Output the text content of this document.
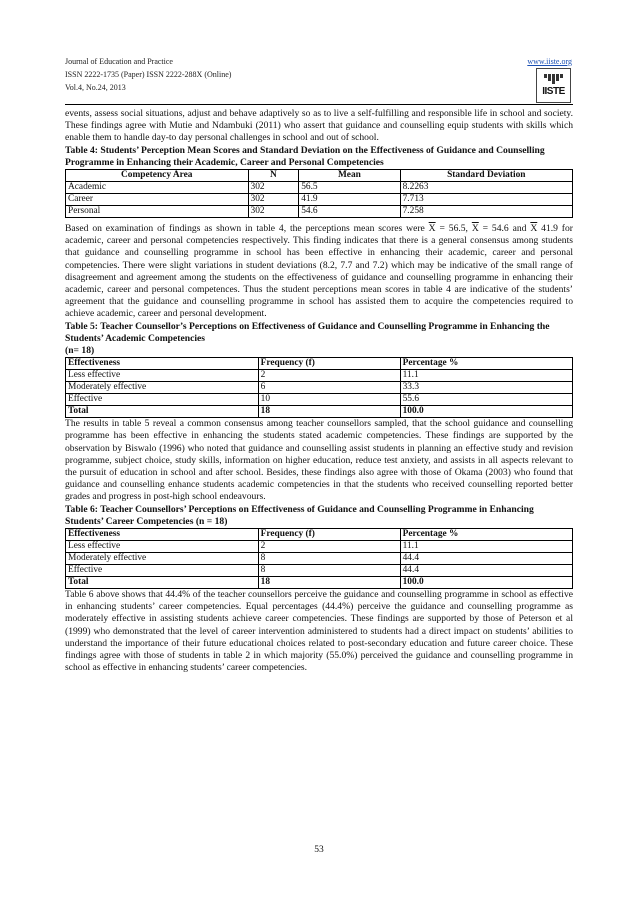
Journal of Education and Practice
ISSN 2222-1735 (Paper) ISSN 2222-288X (Online)
Vol.4, No.24, 2013
www.iiste.org
IISTE

events, assess social situations, adjust and behave adaptively so as to live a self-fulfilling and responsible life in school and society. These findings agree with Mutie and Ndambuki (2011) who assert that guidance and counselling equip students with skills which enable them to handle day-to day personal challenges in school and out of school.

Table 4: Students’ Perception Mean Scores and Standard Deviation on the Effectiveness of Guidance and Counselling Programme in Enhancing their Academic, Career and Personal Competencies

Competency Area	N	Mean	Standard Deviation
Academic	302	56.5	8.2263
Career	302	41.9	7.713
Personal	302	54.6	7.258

Based on examination of findings as shown in table 4, the perceptions mean scores were $\overline{X} = 56.5$, $\overline{X} = 54.6$ and $\overline{X}$ 41.9 for academic, career and personal competencies respectively. This finding indicates that there is a general consensus among students that guidance and counselling programme in school has been effective in enhancing their academic, career and personal competencies. There were slight variations in student deviations (8.2, 7.7 and 7.2) which may be indicative of the small range of disagreement and agreement among the students on the effectiveness of guidance and counselling programme in enhancing their academic, career and personal competences. Thus the student perceptions mean scores in table 4 are indicative of the students’ agreement that the guidance and counselling programme in school has assisted them to acquire the competencies required to achieve academic, career and personal development.

Table 5: Teacher Counsellor’s Perceptions on Effectiveness of Guidance and Counselling Programme in Enhancing the Students’ Academic Competencies

(n= 18)

Effectiveness	Frequency (f)	Percentage %
Less effective	2	11.1
Moderately effective	6	33.3
Effective	10	55.6
Total	18	100.0

The results in table 5 reveal a common consensus among teacher counsellors sampled, that the school guidance and counselling programme has been effective in enhancing the students stated academic competencies. These findings are supported by the observation by Biswalo (1996) who noted that guidance and counselling assist students in planning an effective study and revision programme, subject choice, study skills, information on higher education, reduce test anxiety, and assists in all aspects relevant to the pursuit of education in school and after school. Besides, these findings also agree with those of Okama (2003) who found that guidance and counselling enhance students academic competencies in that the students who received counselling reported better grades and progress in post-high school endeavours.

Table 6: Teacher Counsellors’ Perceptions on Effectiveness of Guidance and Counselling Programme in Enhancing Students’ Career Competencies (n = 18)

Effectiveness	Frequency (f)	Percentage %
Less effective	2	11.1
Moderately effective	8	44.4
Effective	8	44.4
Total	18	100.0

Table 6 above shows that 44.4% of the teacher counsellors perceive the guidance and counselling programme in school as effective in enhancing students’ career competencies. Equal percentages (44.4%) perceive the guidance and counselling programme as moderately effective in assisting students achieve career competencies. These findings are supported by those of Peterson et al (1999) who demonstrated that the level of career intervention administered to students had a direct impact on students’ abilities to understand the importance of their future educational choices related to post-secondary education and future career choice. These findings agree with those of students in table 2 in which majority (55.0%) perceived the guidance and counselling programme in school as effective in enhancing students’ career competencies.

53
